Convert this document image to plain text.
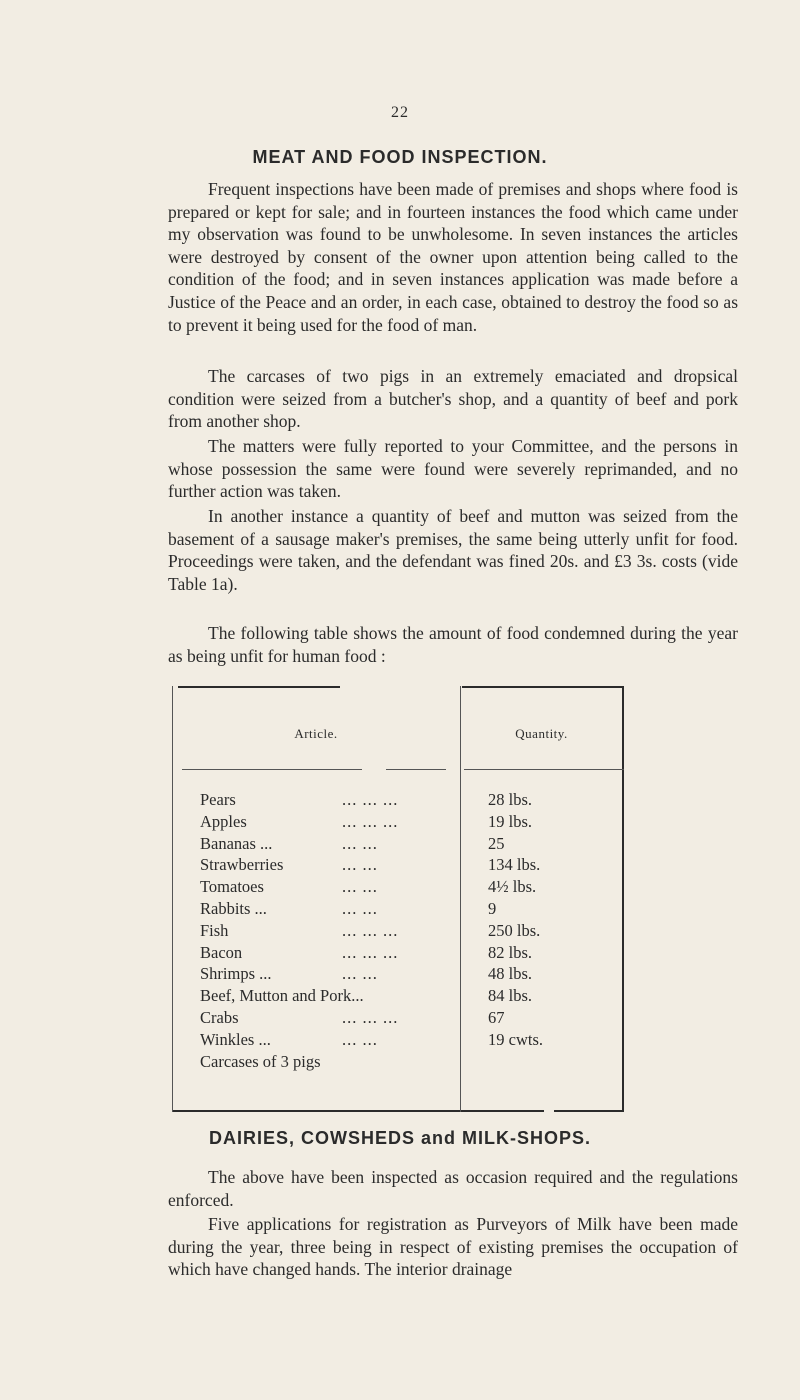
22
MEAT AND FOOD INSPECTION.

Frequent inspections have been made of premises and shops where food is prepared or kept for sale; and in fourteen instances the food which came under my observation was found to be unwholesome. In seven instances the articles were destroyed by consent of the owner upon attention being called to the condition of the food; and in seven instances application was made before a Justice of the Peace and an order, in each case, obtained to destroy the food so as to prevent it being used for the food of man.

The carcases of two pigs in an extremely emaciated and dropsical condition were seized from a butcher's shop, and a quantity of beef and pork from another shop.

The matters were fully reported to your Committee, and the persons in whose possession the same were found were severely reprimanded, and no further action was taken.

In another instance a quantity of beef and mutton was seized from the basement of a sausage maker's premises, the same being utterly unfit for food. Proceedings were taken, and the defendant was fined 20s. and £3 3s. costs (vide Table 1a).

The following table shows the amount of food condemned during the year as being unfit for human food :

Article.	Quantity.
Pears	... ... ...	28 lbs.
Apples	... ... ...	19 lbs.
Bananas ...	... ...	25
Strawberries	... ...	134 lbs.
Tomatoes	... ...	4½ lbs.
Rabbits ...	... ...	9
Fish	... ... ...	250 lbs.
Bacon	... ... ...	82 lbs.
Shrimps ...	... ...	48 lbs.
Beef, Mutton and Pork...	84 lbs.
Crabs	... ... ...	67
Winkles ...	... ...	19 cwts.
Carcases of 3 pigs
DAIRIES, COWSHEDS and MILK-SHOPS.

The above have been inspected as occasion required and the regulations enforced.

Five applications for registration as Purveyors of Milk have been made during the year, three being in respect of existing premises the occupation of which have changed hands. The interior drainage
